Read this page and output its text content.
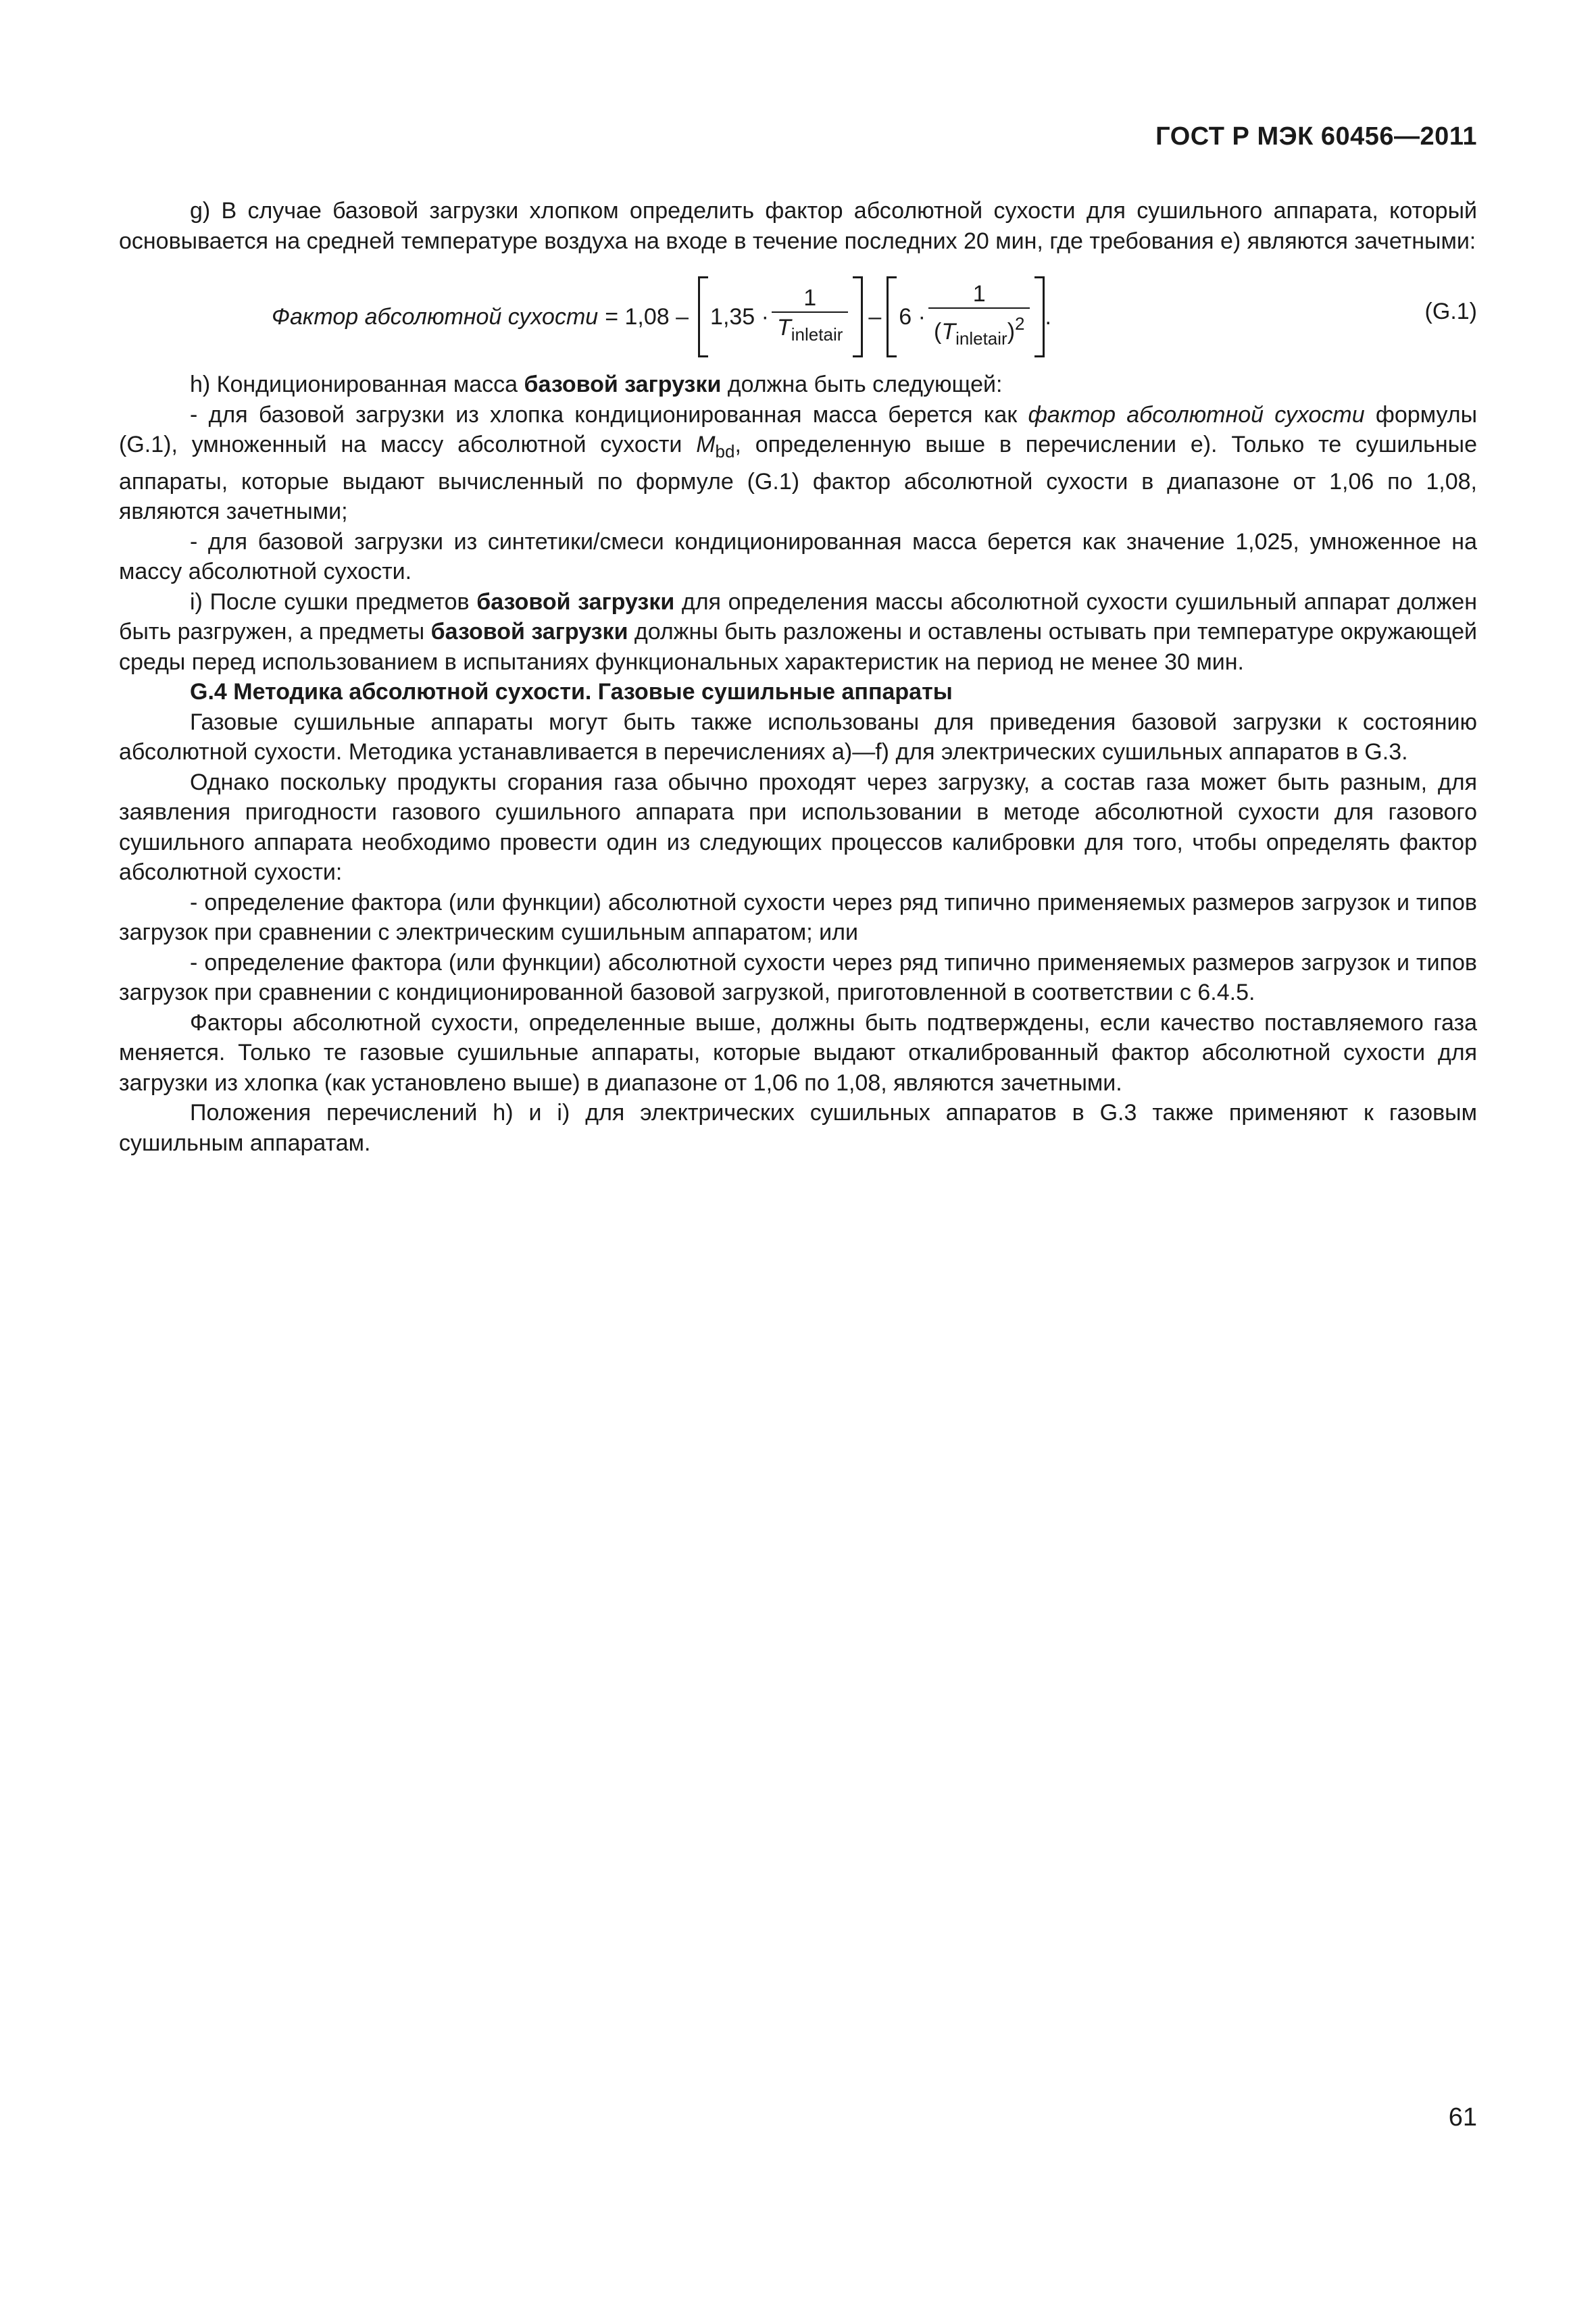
ГОСТ Р МЭК 60456—2011

g) В случае базовой загрузки хлопком определить фактор абсолютной сухости для сушильного аппарата, который основывается на средней температуре воздуха на входе в течение последних 20 мин, где требования е) являются зачетными:

Фактор абсолютной сухости = $1,08 - 1,35 \cdot \frac{1}{T_{inletair}} - 6 \cdot \frac{1}{(T_{inletair})^2}$ .	(G.1)

h) Кондиционированная масса базовой загрузки должна быть следующей:

- для базовой загрузки из хлопка кондиционированная масса берется как фактор абсолютной сухости формулы (G.1), умноженный на массу абсолютной сухости $M_{bd}$, определенную выше в перечислении е). Только те сушильные аппараты, которые выдают вычисленный по формуле (G.1) фактор абсолютной сухости в диапазоне от 1,06 по 1,08, являются зачетными;

- для базовой загрузки из синтетики/смеси кондиционированная масса берется как значение 1,025, умноженное на массу абсолютной сухости.

i) После сушки предметов базовой загрузки для определения массы абсолютной сухости сушильный аппарат должен быть разгружен, а предметы базовой загрузки должны быть разложены и оставлены остывать при температуре окружающей среды перед использованием в испытаниях функциональных характеристик на период не менее 30 мин.

G.4 Методика абсолютной сухости. Газовые сушильные аппараты

Газовые сушильные аппараты могут быть также использованы для приведения базовой загрузки к состоянию абсолютной сухости. Методика устанавливается в перечислениях а)—f) для электрических сушильных аппаратов в G.3.

Однако поскольку продукты сгорания газа обычно проходят через загрузку, а состав газа может быть разным, для заявления пригодности газового сушильного аппарата при использовании в методе абсолютной сухости для газового сушильного аппарата необходимо провести один из следующих процессов калибровки для того, чтобы определять фактор абсолютной сухости:

- определение фактора (или функции) абсолютной сухости через ряд типично применяемых размеров загрузок и типов загрузок при сравнении с электрическим сушильным аппаратом; или

- определение фактора (или функции) абсолютной сухости через ряд типично применяемых размеров загрузок и типов загрузок при сравнении с кондиционированной базовой загрузкой, приготовленной в соответствии с 6.4.5.

Факторы абсолютной сухости, определенные выше, должны быть подтверждены, если качество поставляемого газа меняется. Только те газовые сушильные аппараты, которые выдают откалиброванный фактор абсолютной сухости для загрузки из хлопка (как установлено выше) в диапазоне от 1,06 по 1,08, являются зачетными.

Положения перечислений h) и i) для электрических сушильных аппаратов в G.3 также применяют к газовым сушильным аппаратам.

61
